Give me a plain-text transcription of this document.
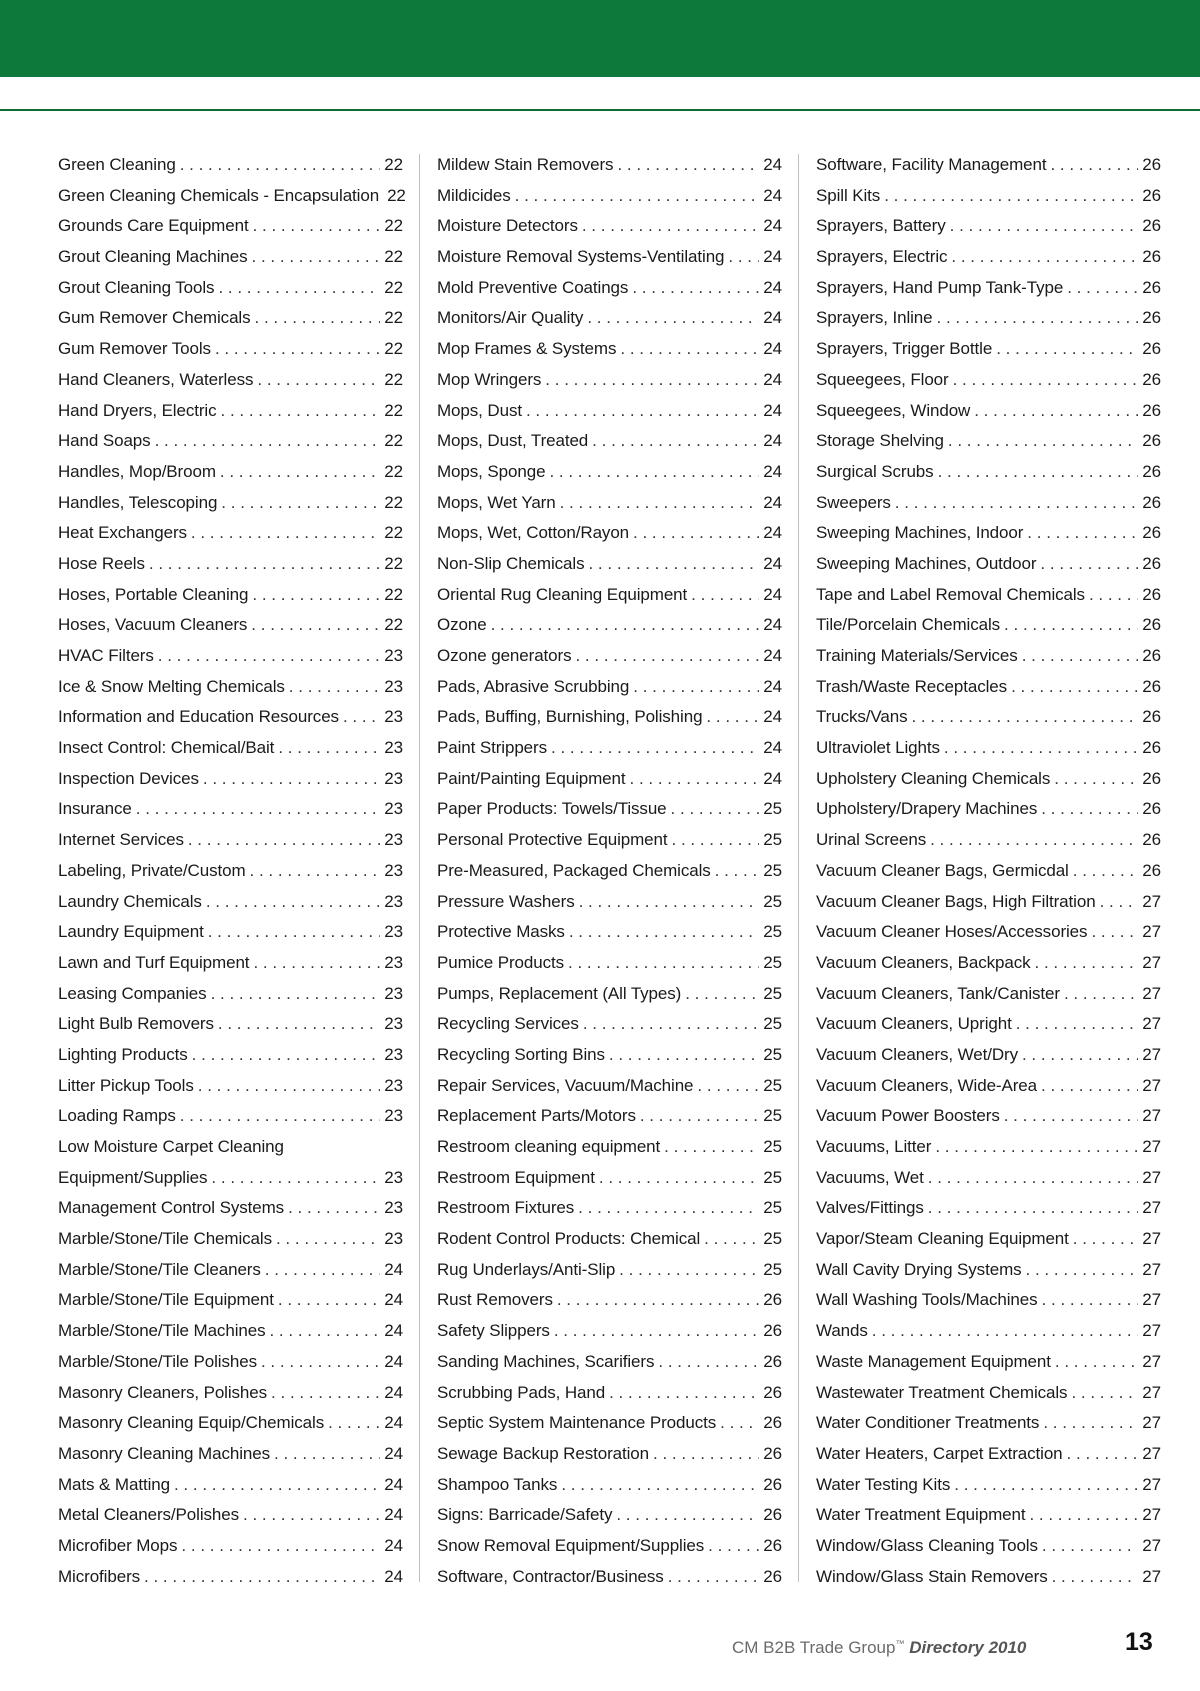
Green Cleaning . . .	22
Green Cleaning Chemicals - Encapsulation 22
Grounds Care Equipment . . .	22
Grout Cleaning Machines . . .	22
Grout Cleaning Tools . . .	22
Gum Remover Chemicals . . .	22
Gum Remover Tools . . .	22
Hand Cleaners, Waterless . . .	22
Hand Dryers, Electric . . .	22
Hand Soaps . . .	22
Handles, Mop/Broom . . .	22
Handles, Telescoping . . .	22
Heat Exchangers . . .	22
Hose Reels . . .	22
Hoses, Portable Cleaning . . .	22
Hoses, Vacuum Cleaners . . .	22
HVAC Filters . . .	23
Ice & Snow Melting Chemicals . . .	23
Information and Education Resources . . .	23
Insect Control: Chemical/Bait . . .	23
Inspection Devices . . .	23
Insurance . . .	23
Internet Services . . .	23
Labeling, Private/Custom . . .	23
Laundry Chemicals . . .	23
Laundry Equipment . . .	23
Lawn and Turf Equipment . . .	23
Leasing Companies . . .	23
Light Bulb Removers . . .	23
Lighting Products . . .	23
Litter Pickup Tools . . .	23
Loading Ramps . . .	23
Low Moisture Carpet Cleaning
Equipment/Supplies . . .	23
Management Control Systems . . .	23
Marble/Stone/Tile Chemicals . . .	23
Marble/Stone/Tile Cleaners . . .	24
Marble/Stone/Tile Equipment . . .	24
Marble/Stone/Tile Machines . . .	24
Marble/Stone/Tile Polishes . . .	24
Masonry Cleaners, Polishes . . .	24
Masonry Cleaning Equip/Chemicals . . .	24
Masonry Cleaning Machines . . .	24
Mats & Matting . . .	24
Metal Cleaners/Polishes . . .	24
Microfiber Mops . . .	24
Microfibers . . .	24
Mildew Stain Removers . . .	24
Mildicides . . .	24
Moisture Detectors . . .	24
Moisture Removal Systems-Ventilating . . . 24
Mold Preventive Coatings . . .	24
Monitors/Air Quality . . .	24
Mop Frames & Systems . . .	24
Mop Wringers . . .	24
Mops, Dust . . .	24
Mops, Dust, Treated . . .	24
Mops, Sponge . . .	24
Mops, Wet Yarn . . .	24
Mops, Wet, Cotton/Rayon . . .	24
Non-Slip Chemicals . . .	24
Oriental Rug Cleaning Equipment . . .	24
Ozone . . .	24
Ozone generators . . .	24
Pads, Abrasive Scrubbing . . .	24
Pads, Buffing, Burnishing, Polishing . . .	24
Paint Strippers . . .	24
Paint/Painting Equipment . . .	24
Paper Products: Towels/Tissue . . .	25
Personal Protective Equipment . . .	25
Pre-Measured, Packaged Chemicals . . .	25
Pressure Washers . . .	25
Protective Masks . . .	25
Pumice Products . . .	25
Pumps, Replacement (All Types) . . .	25
Recycling Services . . .	25
Recycling Sorting Bins . . .	25
Repair Services, Vacuum/Machine . . .	25
Replacement Parts/Motors . . .	25
Restroom cleaning equipment . . .	25
Restroom Equipment . . .	25
Restroom Fixtures . . .	25
Rodent Control Products: Chemical . . .	25
Rug Underlays/Anti-Slip . . .	25
Rust Removers . . .	26
Safety Slippers . . .	26
Sanding Machines, Scarifiers . . .	26
Scrubbing Pads, Hand . . .	26
Septic System Maintenance Products . . .	26
Sewage Backup Restoration . . .	26
Shampoo Tanks . . .	26
Signs: Barricade/Safety . . .	26
Snow Removal Equipment/Supplies . . .	26
Software, Contractor/Business . . .	26
Software, Facility Management . . .	26
Spill Kits . . .	26
Sprayers, Battery . . .	26
Sprayers, Electric . . .	26
Sprayers, Hand Pump Tank-Type . . .	26
Sprayers, Inline . . .	26
Sprayers, Trigger Bottle . . .	26
Squeegees, Floor . . .	26
Squeegees, Window . . .	26
Storage Shelving . . .	26
Surgical Scrubs . . .	26
Sweepers . . .	26
Sweeping Machines, Indoor . . .	26
Sweeping Machines, Outdoor . . .	26
Tape and Label Removal Chemicals . . .	26
Tile/Porcelain Chemicals . . .	26
Training Materials/Services . . .	26
Trash/Waste Receptacles . . .	26
Trucks/Vans . . .	26
Ultraviolet Lights . . .	26
Upholstery Cleaning Chemicals . . .	26
Upholstery/Drapery Machines . . .	26
Urinal Screens . . .	26
Vacuum Cleaner Bags, Germicdal . . .	26
Vacuum Cleaner Bags, High Filtration . . .	27
Vacuum Cleaner Hoses/Accessories . . .	27
Vacuum Cleaners, Backpack . . .	27
Vacuum Cleaners, Tank/Canister . . .	27
Vacuum Cleaners, Upright . . .	27
Vacuum Cleaners, Wet/Dry . . .	27
Vacuum Cleaners, Wide-Area . . .	27
Vacuum Power Boosters . . .	27
Vacuums, Litter . . .	27
Vacuums, Wet . . .	27
Valves/Fittings . . .	27
Vapor/Steam Cleaning Equipment . . .	27
Wall Cavity Drying Systems . . .	27
Wall Washing Tools/Machines . . .	27
Wands . . .	27
Waste Management Equipment . . .	27
Wastewater Treatment Chemicals . . .	27
Water Conditioner Treatments . . .	27
Water Heaters, Carpet Extraction . . .	27
Water Testing Kits . . .	27
Water Treatment Equipment . . .	27
Window/Glass Cleaning Tools . . .	27
Window/Glass Stain Removers . . .	27
CM B2B Trade Group™ Directory 2010	13
